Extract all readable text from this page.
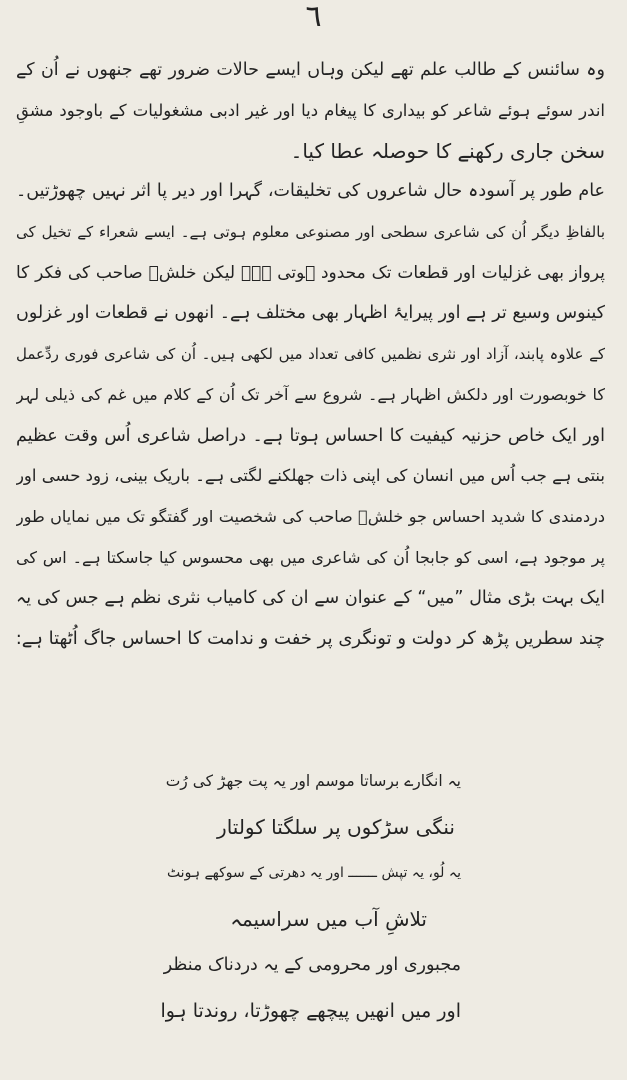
٦
وہ سائنس کے طالب علم تھے لیکن وہاں ایسے حالات ضرور تھے جنھوں نے اُن کے
اندر سوئے ہوئے شاعر کو بیداری کا پیغام دیا اور غیر ادبی مشغولیات کے باوجود مشقِ
سخن جاری رکھنے کا حوصلہ عطا کیا۔
عام طور پر آسودہ حال شاعروں کی تخلیقات، گہرا اور دیر پا اثر نہیں چھوڑتیں۔
بالفاظِ دیگر اُن کی شاعری سطحی اور مصنوعی معلوم ہوتی ہے۔ ایسے شعراء کے تخیل کی
پرواز بھی غزلیات اور قطعات تک محدود ہوتی ہے۔ لیکن خلشؔ صاحب کی فکر کا
کینوس وسیع تر ہے اور پیرایۂ اظہار بھی مختلف ہے۔ انھوں نے قطعات اور غزلوں
کے علاوہ پابند، آزاد اور نثری نظمیں کافی تعداد میں لکھی ہیں۔ اُن کی شاعری فوری ردِّعمل
کا خوبصورت اور دلکش اظہار ہے۔ شروع سے آخر تک اُن کے کلام میں غم کی ذیلی لہر
اور ایک خاص حزنیہ کیفیت کا احساس ہوتا ہے۔ دراصل شاعری اُس وقت عظیم
بنتی ہے جب اُس میں انسان کی اپنی ذات جھلکنے لگتی ہے۔ باریک بینی، زود حسی اور
دردمندی کا شدید احساس جو خلشؔ صاحب کی شخصیت اور گفتگو تک میں نمایاں طور
پر موجود ہے، اسی کو جابجا اُن کی شاعری میں بھی محسوس کیا جاسکتا ہے۔ اس کی
ایک بہت بڑی مثال ”میں“ کے عنوان سے ان کی کامیاب نثری نظم ہے جس کی یہ
چند سطریں پڑھ کر دولت و تونگری پر خفت و ندامت کا احساس جاگ اُٹھتا ہے:
یہ انگارے برساتا موسم اور یہ پت جھڑ کی رُت
ننگی سڑکوں پر سلگتا کولتار
یہ لُو، یہ تپش ـــــــ اور یہ دھرتی کے سوکھے ہونٹ
تلاشِ آب میں سراسیمہ
مجبوری اور محرومی کے یہ دردناک منظر
اور میں انھیں پیچھے چھوڑتا، روندتا ہوا
